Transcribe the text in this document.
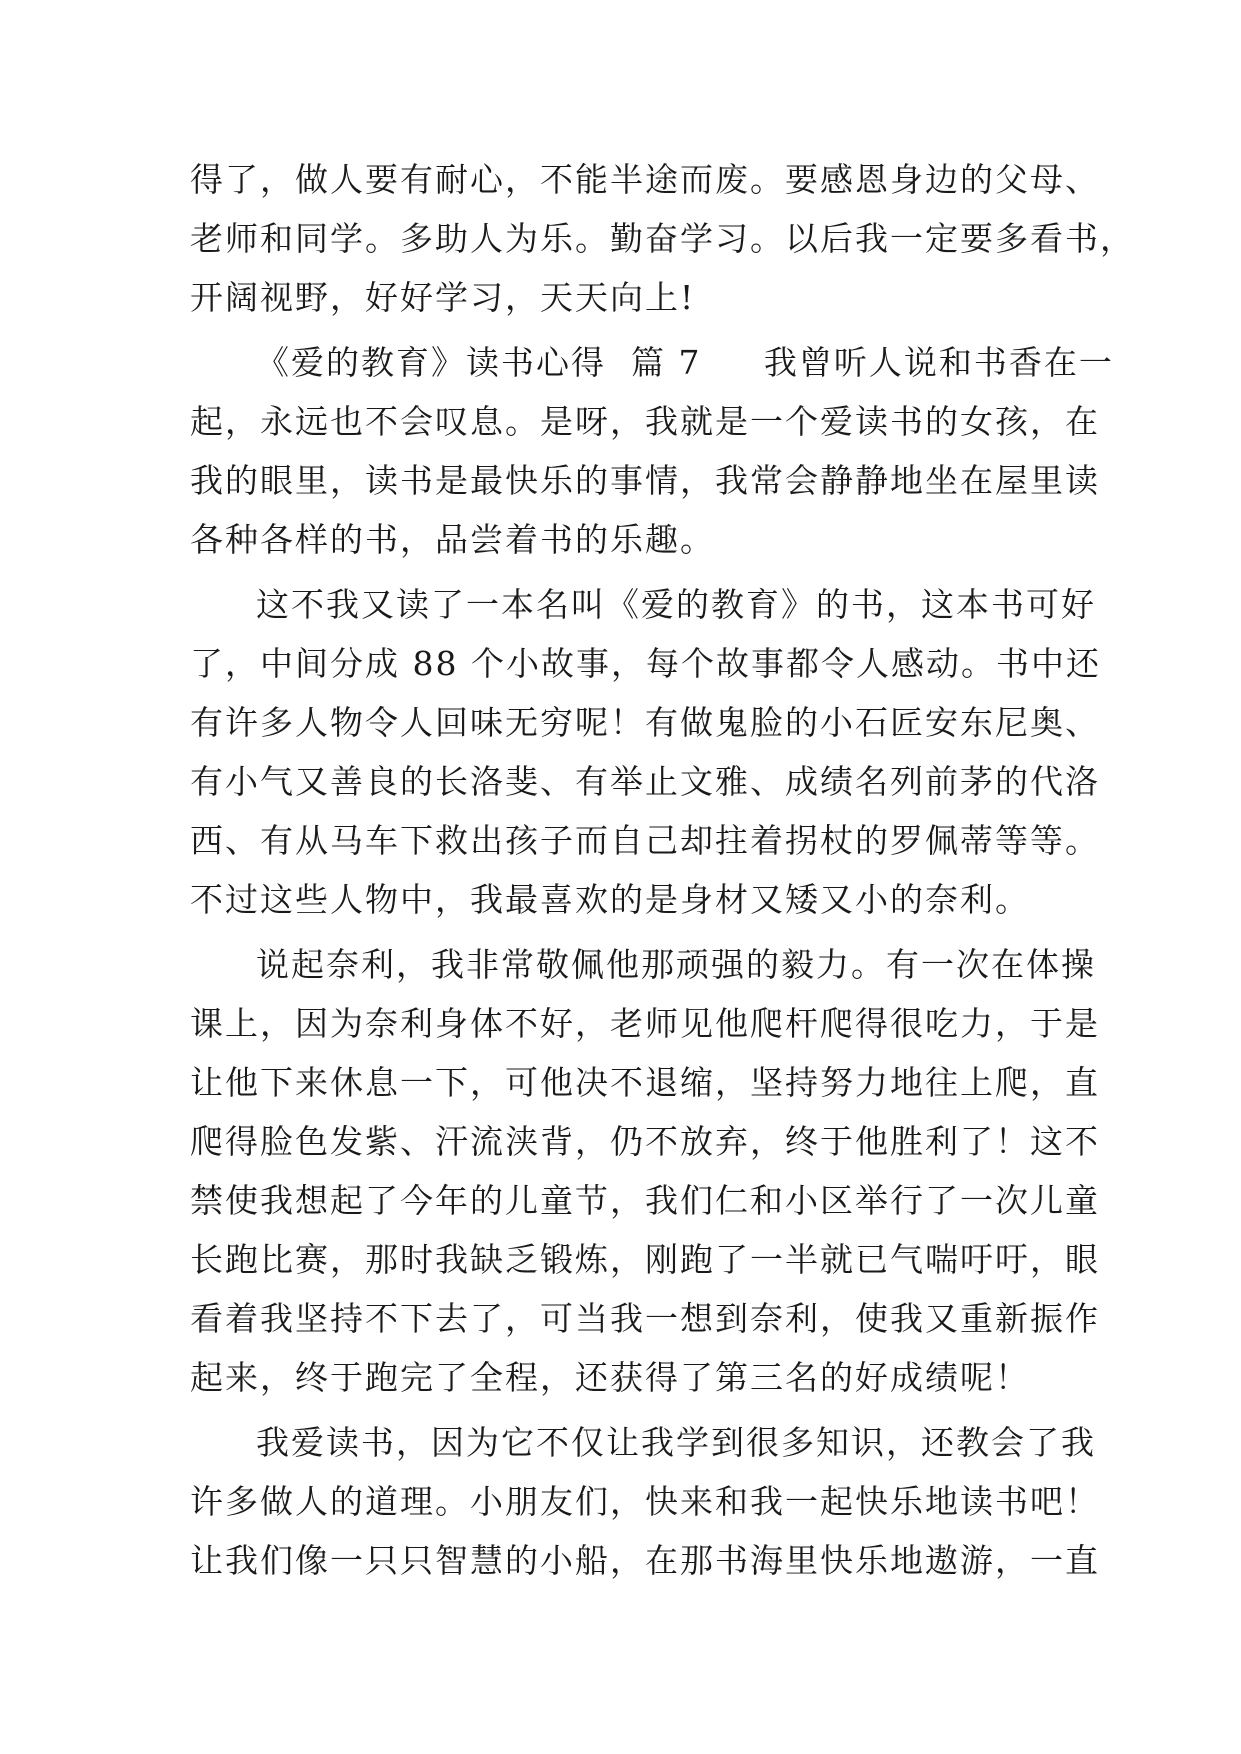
得了，做人要有耐心，不能半途而废。要感恩身边的父母、
老师和同学。多助人为乐。勤奋学习。以后我一定要多看书，
开阔视野，好好学习，天天向上!
《爱的教育》读书心得  篇 7     我曾听人说和书香在一
起，永远也不会叹息。是呀，我就是一个爱读书的女孩，在
我的眼里，读书是最快乐的事情，我常会静静地坐在屋里读
各种各样的书，品尝着书的乐趣。
这不我又读了一本名叫《爱的教育》的书，这本书可好
了，中间分成 88 个小故事，每个故事都令人感动。书中还
有许多人物令人回味无穷呢！有做鬼脸的小石匠安东尼奥、
有小气又善良的长洛斐、有举止文雅、成绩名列前茅的代洛
西、有从马车下救出孩子而自己却拄着拐杖的罗佩蒂等等。
不过这些人物中，我最喜欢的是身材又矮又小的奈利。
说起奈利，我非常敬佩他那顽强的毅力。有一次在体操
课上，因为奈利身体不好，老师见他爬杆爬得很吃力，于是
让他下来休息一下，可他决不退缩，坚持努力地往上爬，直
爬得脸色发紫、汗流浃背，仍不放弃，终于他胜利了！这不
禁使我想起了今年的儿童节，我们仁和小区举行了一次儿童
长跑比赛，那时我缺乏锻炼，刚跑了一半就已气喘吁吁，眼
看着我坚持不下去了，可当我一想到奈利，使我又重新振作
起来，终于跑完了全程，还获得了第三名的好成绩呢！
我爱读书，因为它不仅让我学到很多知识，还教会了我
许多做人的道理。小朋友们，快来和我一起快乐地读书吧！
让我们像一只只智慧的小船，在那书海里快乐地遨游，一直
